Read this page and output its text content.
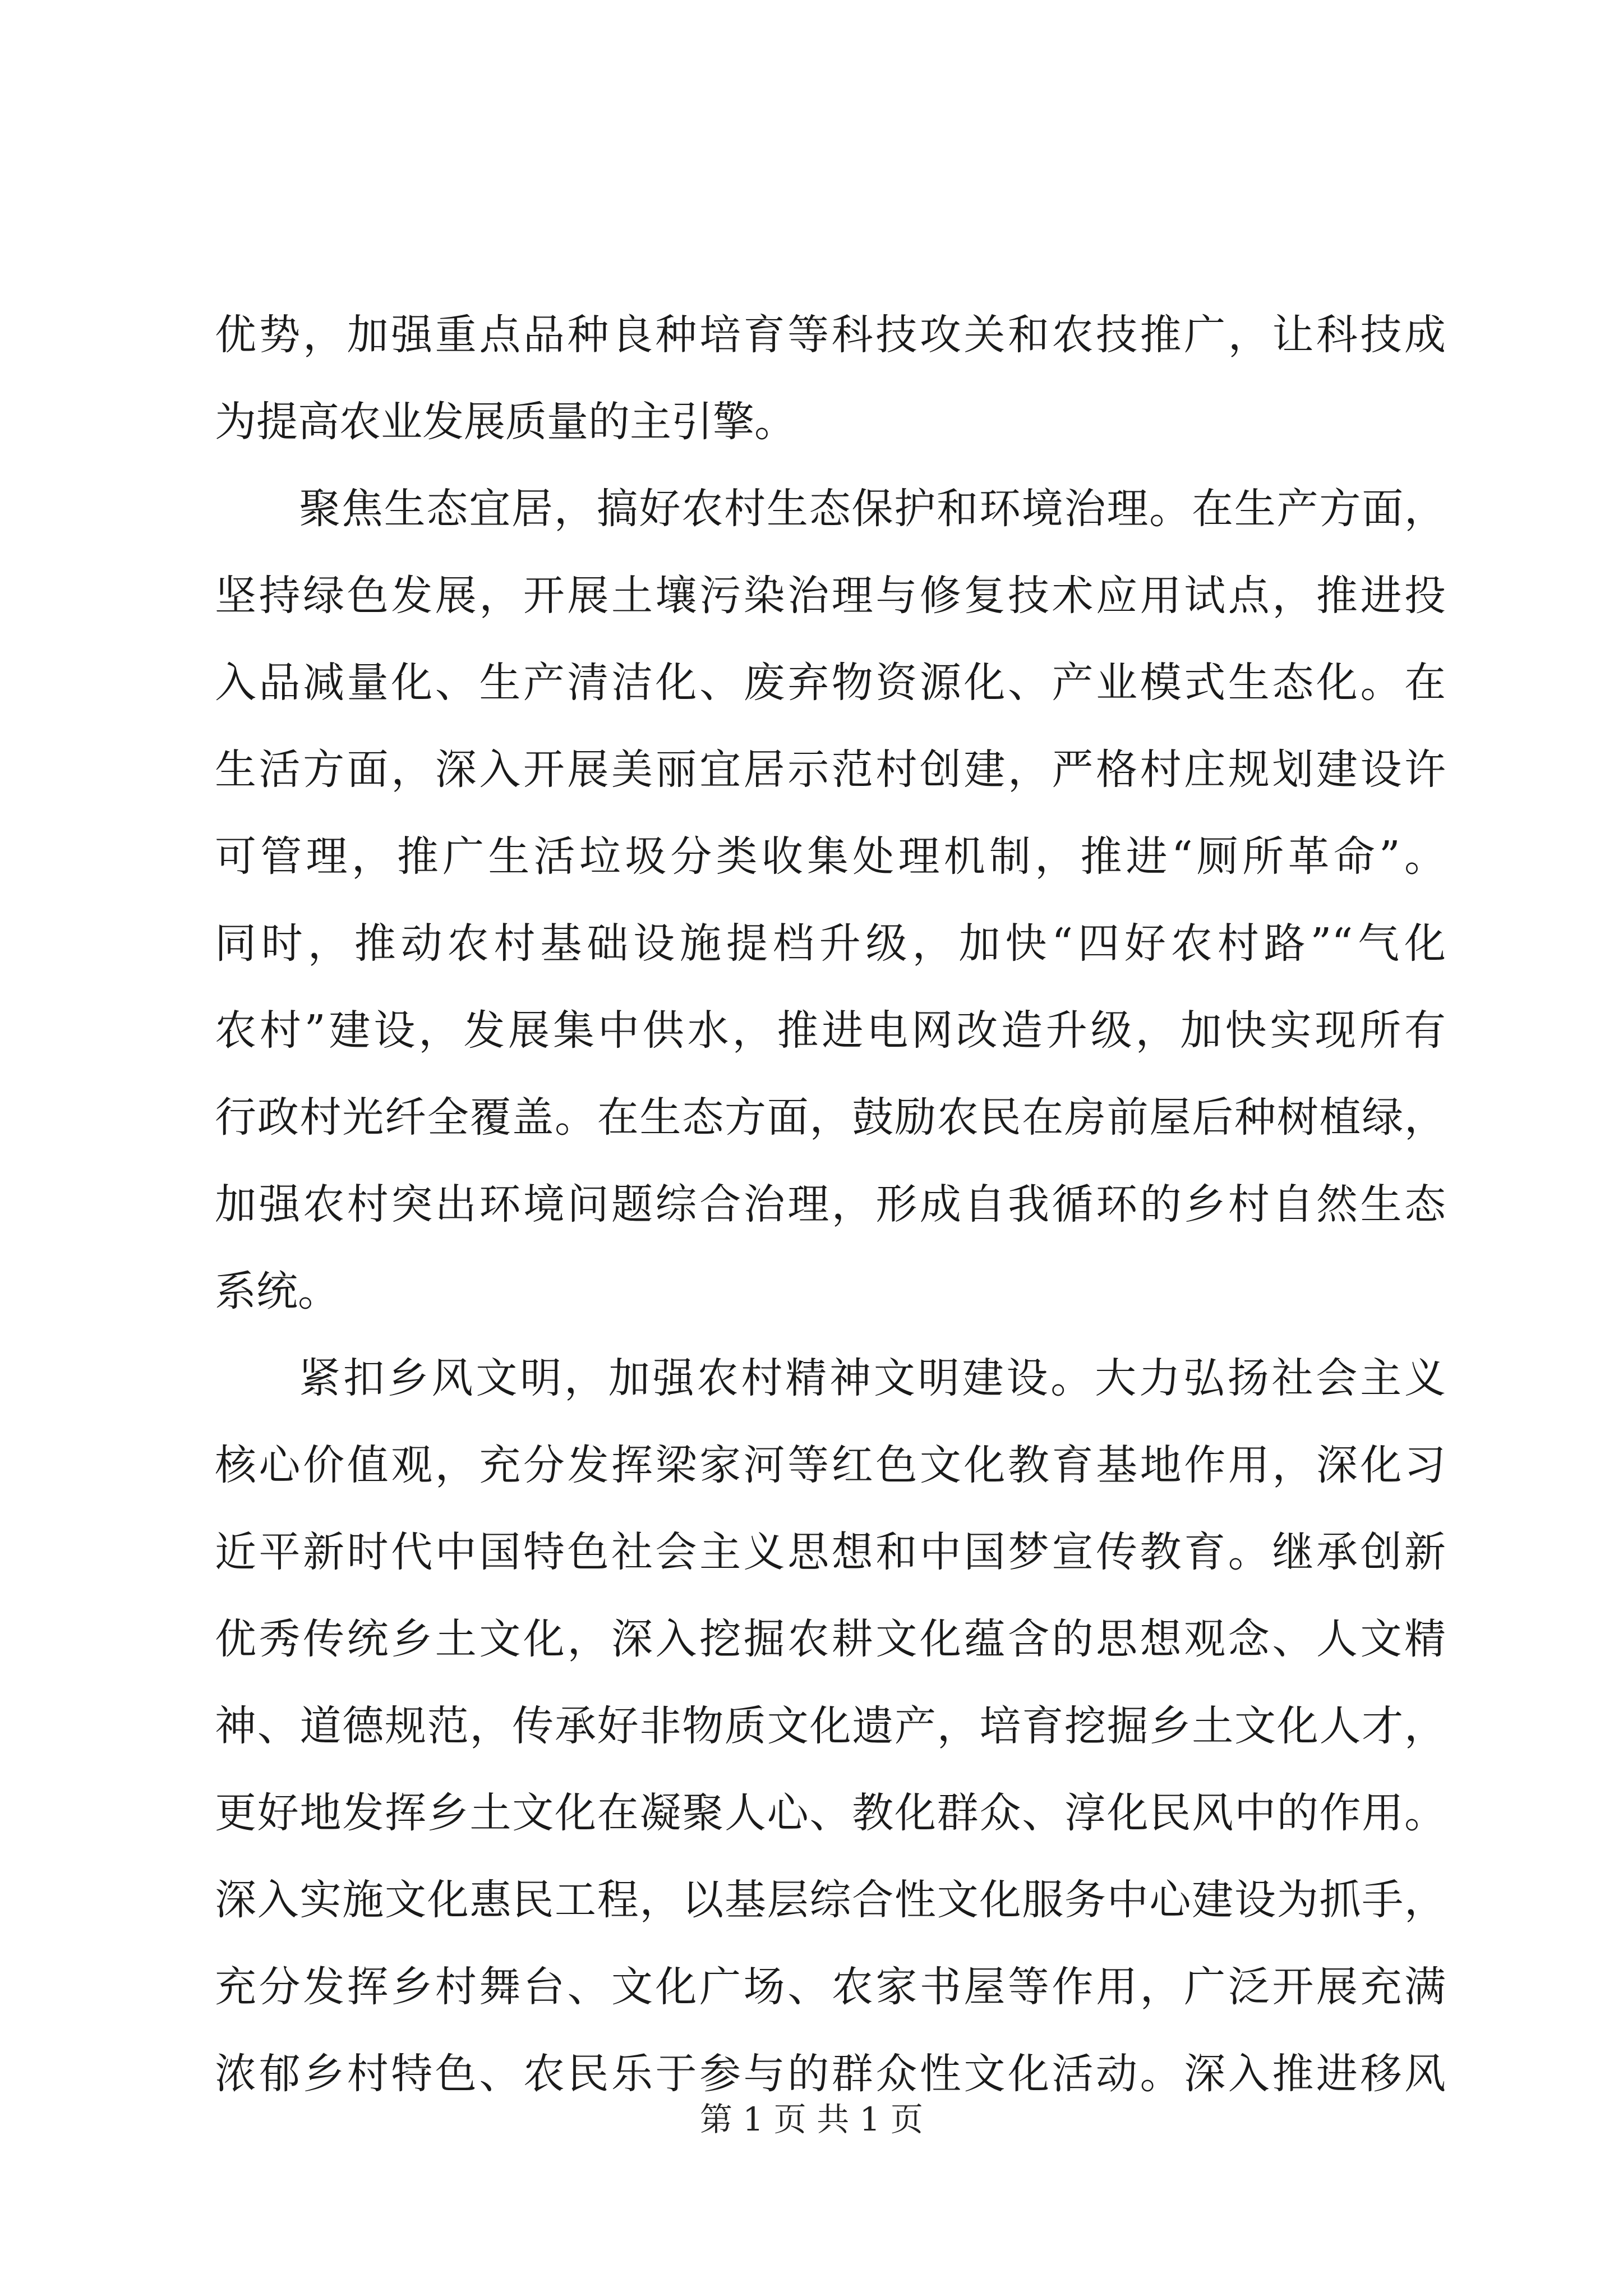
优势，加强重点品种良种培育等科技攻关和农技推广，让科技成
为提高农业发展质量的主引擎。
聚焦生态宜居，搞好农村生态保护和环境治理。在生产方面，
坚持绿色发展，开展土壤污染治理与修复技术应用试点，推进投
入品减量化、生产清洁化、废弃物资源化、产业模式生态化。在
生活方面，深入开展美丽宜居示范村创建，严格村庄规划建设许
可管理，推广生活垃圾分类收集处理机制，推进“厕所革命”。
同时，推动农村基础设施提档升级，加快“四好农村路”“气化
农村”建设，发展集中供水，推进电网改造升级，加快实现所有
行政村光纤全覆盖。在生态方面，鼓励农民在房前屋后种树植绿，
加强农村突出环境问题综合治理，形成自我循环的乡村自然生态
系统。
紧扣乡风文明，加强农村精神文明建设。大力弘扬社会主义
核心价值观，充分发挥梁家河等红色文化教育基地作用，深化习
近平新时代中国特色社会主义思想和中国梦宣传教育。继承创新
优秀传统乡土文化，深入挖掘农耕文化蕴含的思想观念、人文精
神、道德规范，传承好非物质文化遗产，培育挖掘乡土文化人才，
更好地发挥乡土文化在凝聚人心、教化群众、淳化民风中的作用。
深入实施文化惠民工程，以基层综合性文化服务中心建设为抓手，
充分发挥乡村舞台、文化广场、农家书屋等作用，广泛开展充满
浓郁乡村特色、农民乐于参与的群众性文化活动。深入推进移风
第 1 页 共 1 页
